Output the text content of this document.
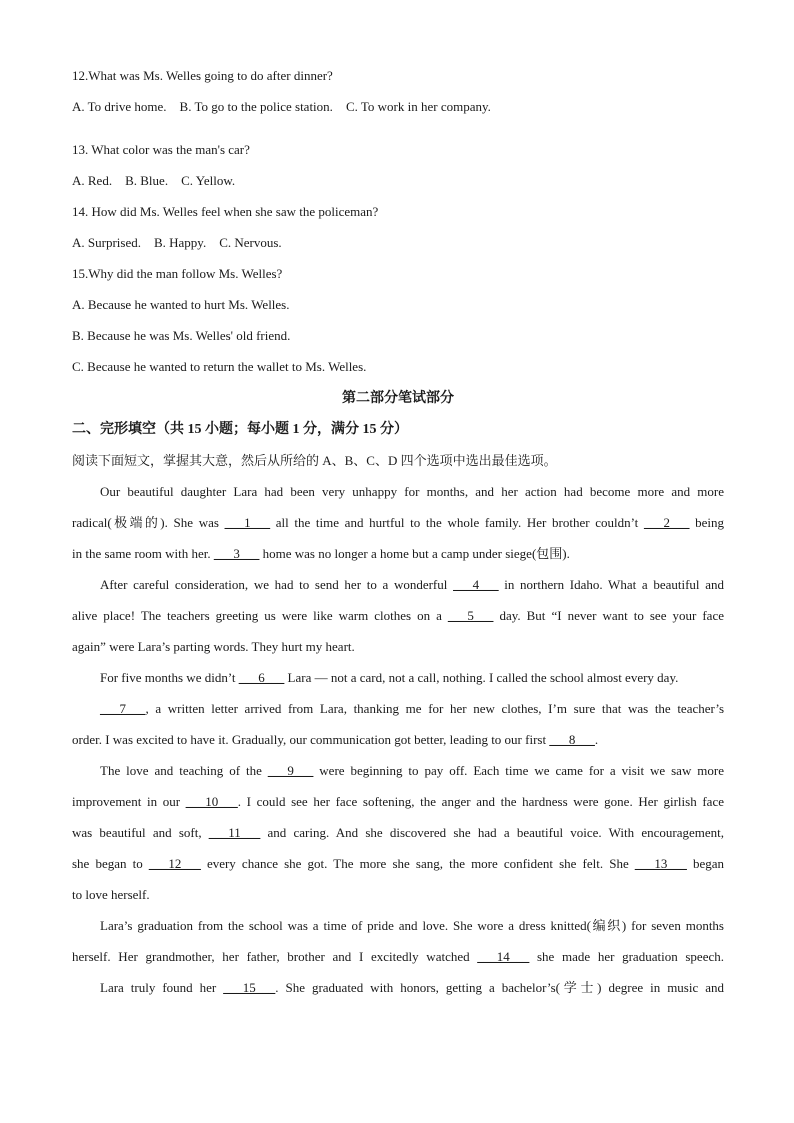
12.What was Ms. Welles going to do after dinner?
A. To drive home. B. To go to the police station. C. To work in her company.
13. What color was the man's car?
A. Red. B. Blue. C. Yellow.
14. How did Ms. Welles feel when she saw the policeman?
A. Surprised. B. Happy. C. Nervous.
15.Why did the man follow Ms. Welles?
A. Because he wanted to hurt Ms. Welles.
B. Because he was Ms. Welles' old friend.
C. Because he wanted to return the wallet to Ms. Welles.
第二部分笔试部分
二、完形填空（共 15 小题；每小题 1 分，满分 15 分）
阅读下面短文，掌握其大意，然后从所给的 A、B、C、D 四个选项中选出最佳选项。
Our beautiful daughter Lara had been very unhappy for months, and her action had become more and more
radical(极端的). She was ___1___ all the time and hurtful to the whole family. Her brother couldn’t ___2___ being
in the same room with her. ___3___ home was no longer a home but a camp under siege(包围).
After careful consideration, we had to send her to a wonderful ___4___ in northern Idaho. What a beautiful and
alive place! The teachers greeting us were like warm clothes on a ___5___ day. But “I never want to see your face
again” were Lara’s parting words. They hurt my heart.
For five months we didn’t ___6___ Lara — not a card, not a call, nothing. I called the school almost every day.
___7___, a written letter arrived from Lara, thanking me for her new clothes, I’m sure that was the teacher’s
order. I was excited to have it. Gradually, our communication got better, leading to our first ___8___.
The love and teaching of the ___9___ were beginning to pay off. Each time we came for a visit we saw more
improvement in our ___10___. I could see her face softening, the anger and the hardness were gone. Her girlish face
was beautiful and soft, ___11___ and caring. And she discovered she had a beautiful voice. With encouragement,
she began to ___12___ every chance she got. The more she sang, the more confident she felt. She ___13___ began
to love herself.
Lara’s graduation from the school was a time of pride and love. She wore a dress knitted(编织) for seven months
herself. Her grandmother, her father, brother and I excitedly watched ___14___ she made her graduation speech.
Lara truly found her ___15___. She graduated with honors, getting a bachelor’s(学士) degree in music and
